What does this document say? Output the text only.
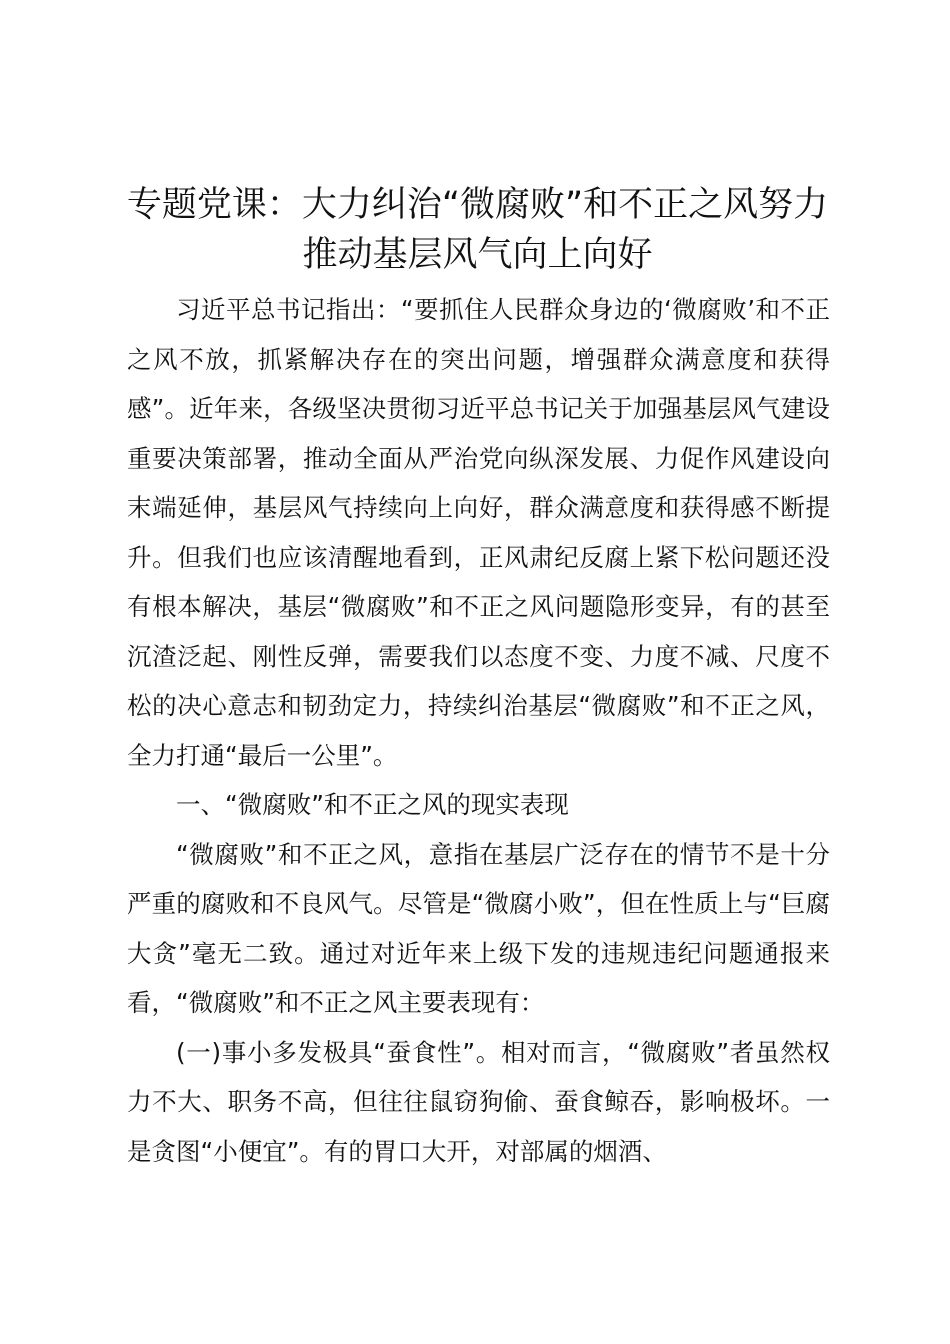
专题党课：大力纠治“微腐败”和不正之风努力推动基层风气向上向好

习近平总书记指出：“要抓住人民群众身边的‘微腐败’和不正之风不放，抓紧解决存在的突出问题，增强群众满意度和获得感”。近年来，各级坚决贯彻习近平总书记关于加强基层风气建设重要决策部署，推动全面从严治党向纵深发展、力促作风建设向末端延伸，基层风气持续向上向好，群众满意度和获得感不断提升。但我们也应该清醒地看到，正风肃纪反腐上紧下松问题还没有根本解决，基层“微腐败”和不正之风问题隐形变异，有的甚至沉渣泛起、刚性反弹，需要我们以态度不变、力度不减、尺度不松的决心意志和韧劲定力，持续纠治基层“微腐败”和不正之风，全力打通“最后一公里”。

一、“微腐败”和不正之风的现实表现

“微腐败”和不正之风，意指在基层广泛存在的情节不是十分严重的腐败和不良风气。尽管是“微腐小败”，但在性质上与“巨腐大贪”毫无二致。通过对近年来上级下发的违规违纪问题通报来看，“微腐败”和不正之风主要表现有：

(一)事小多发极具“蚕食性”。相对而言，“微腐败”者虽然权力不大、职务不高，但往往鼠窃狗偷、蚕食鲸吞，影响极坏。一是贪图“小便宜”。有的胃口大开，对部属的烟酒、
